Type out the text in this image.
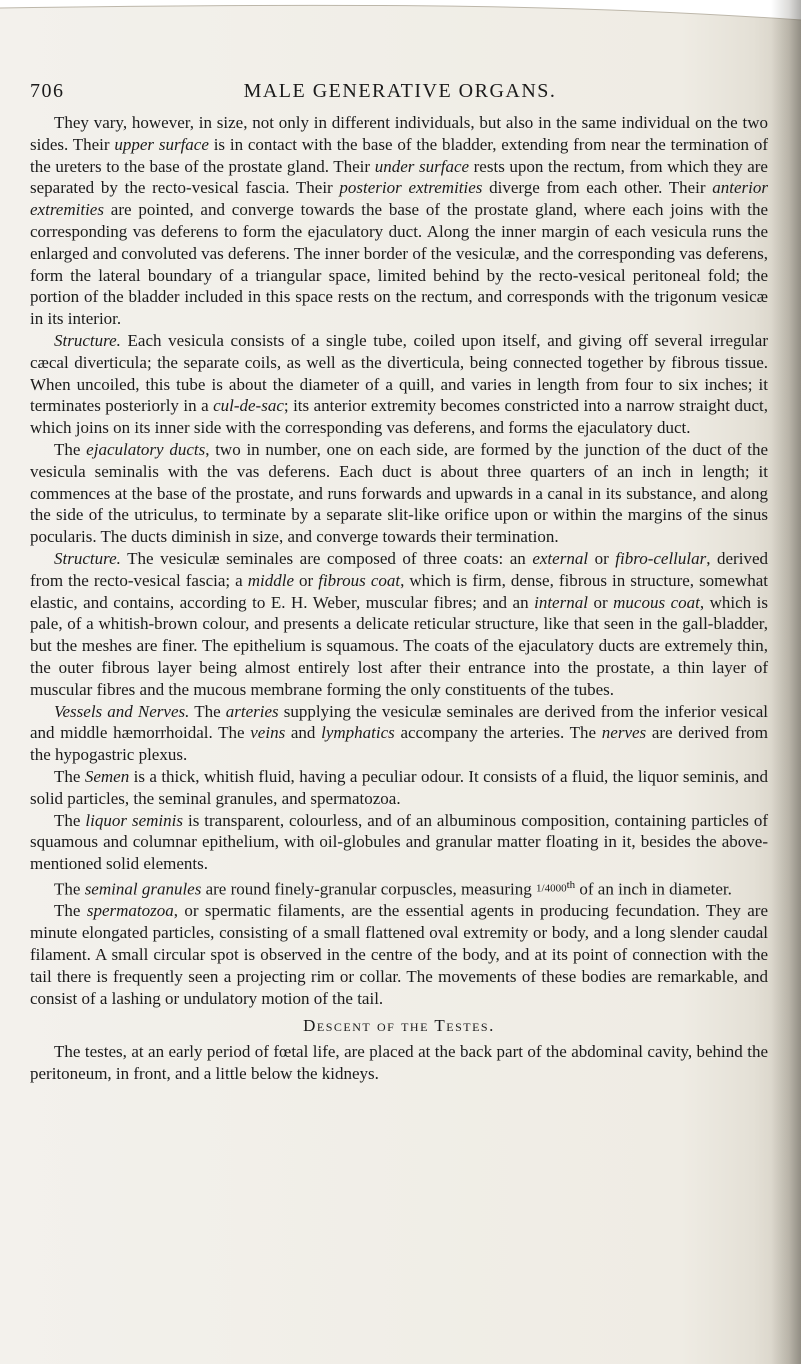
706	MALE GENERATIVE ORGANS.

They vary, however, in size, not only in different individuals, but also in the same individual on the two sides. Their upper surface is in contact with the base of the bladder, extending from near the termination of the ureters to the base of the prostate gland. Their under surface rests upon the rectum, from which they are separated by the recto-vesical fascia. Their posterior extremities diverge from each other. Their anterior extremities are pointed, and converge towards the base of the prostate gland, where each joins with the corresponding vas deferens to form the ejaculatory duct. Along the inner margin of each vesicula runs the enlarged and convoluted vas deferens. The inner border of the vesiculæ, and the corresponding vas deferens, form the lateral boundary of a triangular space, limited behind by the recto-vesical peritoneal fold; the portion of the bladder included in this space rests on the rectum, and corresponds with the trigonum vesicæ in its interior.

Structure. Each vesicula consists of a single tube, coiled upon itself, and giving off several irregular cæcal diverticula; the separate coils, as well as the diverticula, being connected together by fibrous tissue. When uncoiled, this tube is about the diameter of a quill, and varies in length from four to six inches; it terminates posteriorly in a cul-de-sac; its anterior extremity becomes constricted into a narrow straight duct, which joins on its inner side with the corresponding vas deferens, and forms the ejaculatory duct.

The ejaculatory ducts, two in number, one on each side, are formed by the junction of the duct of the vesicula seminalis with the vas deferens. Each duct is about three quarters of an inch in length; it commences at the base of the prostate, and runs forwards and upwards in a canal in its substance, and along the side of the utriculus, to terminate by a separate slit-like orifice upon or within the margins of the sinus pocularis. The ducts diminish in size, and converge towards their termination.

Structure. The vesiculæ seminales are composed of three coats: an external or fibro-cellular, derived from the recto-vesical fascia; a middle or fibrous coat, which is firm, dense, fibrous in structure, somewhat elastic, and contains, according to E. H. Weber, muscular fibres; and an internal or mucous coat, which is pale, of a whitish-brown colour, and presents a delicate reticular structure, like that seen in the gall-bladder, but the meshes are finer. The epithelium is squamous. The coats of the ejaculatory ducts are extremely thin, the outer fibrous layer being almost entirely lost after their entrance into the prostate, a thin layer of muscular fibres and the mucous membrane forming the only constituents of the tubes.

Vessels and Nerves. The arteries supplying the vesiculæ seminales are derived from the inferior vesical and middle hæmorrhoidal. The veins and lymphatics accompany the arteries. The nerves are derived from the hypogastric plexus.

The Semen is a thick, whitish fluid, having a peculiar odour. It consists of a fluid, the liquor seminis, and solid particles, the seminal granules, and spermatozoa.

The liquor seminis is transparent, colourless, and of an albuminous composition, containing particles of squamous and columnar epithelium, with oil-globules and granular matter floating in it, besides the above-mentioned solid elements.

The seminal granules are round finely-granular corpuscles, measuring 1/4000th of an inch in diameter.

The spermatozoa, or spermatic filaments, are the essential agents in producing fecundation. They are minute elongated particles, consisting of a small flattened oval extremity or body, and a long slender caudal filament. A small circular spot is observed in the centre of the body, and at its point of connection with the tail there is frequently seen a projecting rim or collar. The movements of these bodies are remarkable, and consist of a lashing or undulatory motion of the tail.

Descent of the Testes.

The testes, at an early period of fœtal life, are placed at the back part of the abdominal cavity, behind the peritoneum, in front, and a little below the kidneys.
